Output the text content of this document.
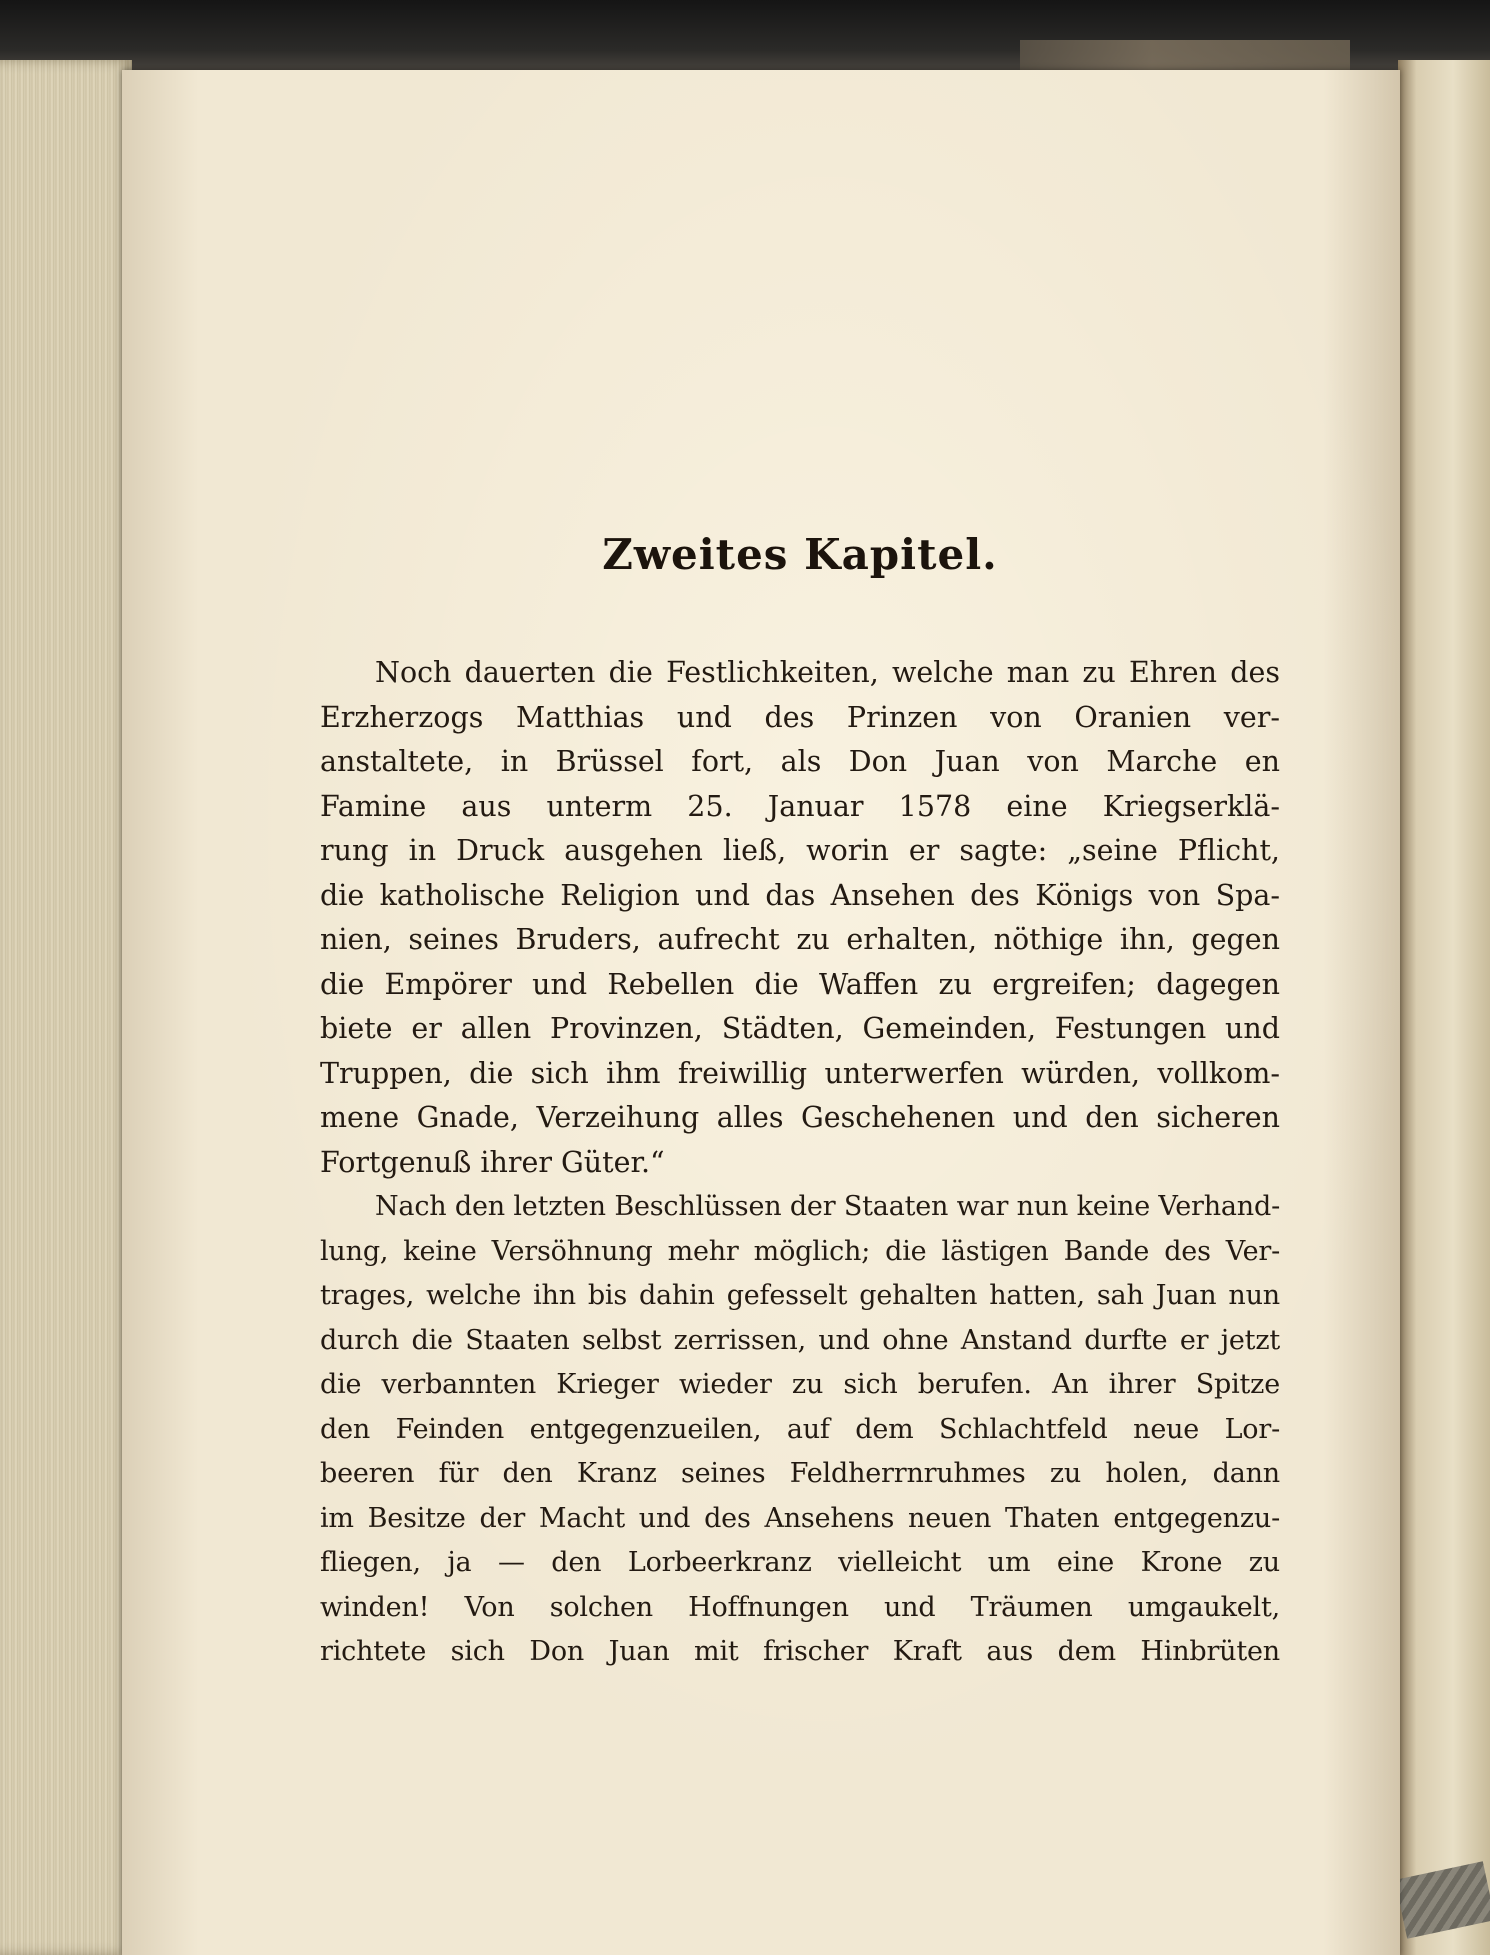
Zweites Kapitel.
Noch dauerten die Festlichkeiten, welche man zu Ehren des
Erzherzogs Matthias und des Prinzen von Oranien ver-
anstaltete, in Brüssel fort, als Don Juan von Marche en
Famine aus unterm 25. Januar 1578 eine Kriegserklä-
rung in Druck ausgehen ließ, worin er sagte: „seine Pflicht,
die katholische Religion und das Ansehen des Königs von Spa-
nien, seines Bruders, aufrecht zu erhalten, nöthige ihn, gegen
die Empörer und Rebellen die Waffen zu ergreifen; dagegen
biete er allen Provinzen, Städten, Gemeinden, Festungen und
Truppen, die sich ihm freiwillig unterwerfen würden, vollkom-
mene Gnade, Verzeihung alles Geschehenen und den sicheren
Fortgenuß ihrer Güter.“
Nach den letzten Beschlüssen der Staaten war nun keine Verhand-
lung, keine Versöhnung mehr möglich; die lästigen Bande des Ver-
trages, welche ihn bis dahin gefesselt gehalten hatten, sah Juan nun
durch die Staaten selbst zerrissen, und ohne Anstand durfte er jetzt
die verbannten Krieger wieder zu sich berufen. An ihrer Spitze
den Feinden entgegenzueilen, auf dem Schlachtfeld neue Lor-
beeren für den Kranz seines Feldherrnruhmes zu holen, dann
im Besitze der Macht und des Ansehens neuen Thaten entgegenzu-
fliegen, ja — den Lorbeerkranz vielleicht um eine Krone zu
winden! Von solchen Hoffnungen und Träumen umgaukelt,
richtete sich Don Juan mit frischer Kraft aus dem Hinbrüten
